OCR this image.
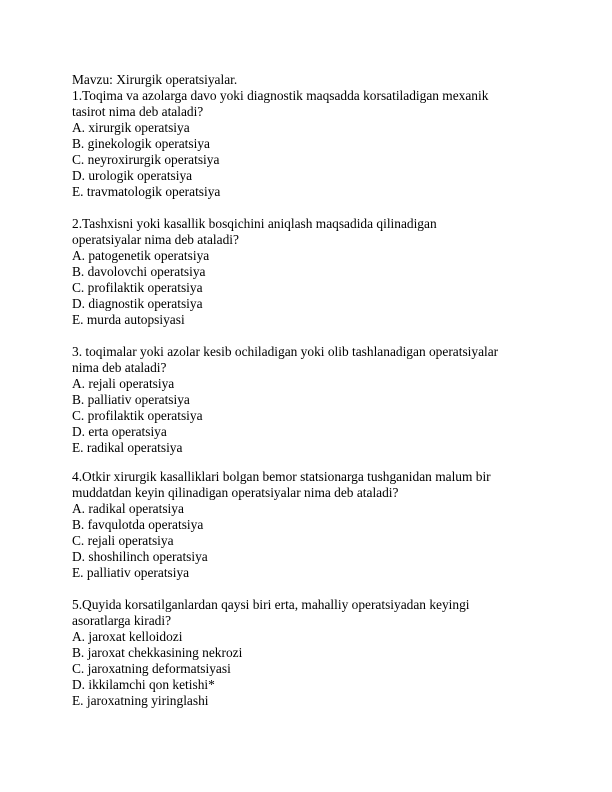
Mavzu: Xirurgik operatsiyalar.

1.Toqima va azolarga davo yoki diagnostik maqsadda korsatiladigan mexanik

tasirot nima deb ataladi?

A. xirurgik operatsiya

B. ginekologik operatsiya

C. neyroxirurgik operatsiya

D. urologik operatsiya

E. travmatologik operatsiya

2.Tashxisni yoki kasallik bosqichini aniqlash maqsadida qilinadigan

operatsiyalar nima deb ataladi?

A. patogenetik operatsiya

B. davolovchi operatsiya

C. profilaktik operatsiya

D. diagnostik operatsiya

E. murda autopsiyasi

3. toqimalar yoki azolar kesib ochiladigan yoki olib tashlanadigan operatsiyalar

nima deb ataladi?

A. rejali operatsiya

B. palliativ operatsiya

C. profilaktik operatsiya

D. erta operatsiya

E. radikal operatsiya

4.Otkir xirurgik kasalliklari bolgan bemor statsionarga tushganidan malum bir

muddatdan keyin qilinadigan operatsiyalar nima deb ataladi?

A. radikal operatsiya

B. favqulotda operatsiya

C. rejali operatsiya

D. shoshilinch operatsiya

E. palliativ operatsiya

5.Quyida korsatilganlardan qaysi biri erta, mahalliy operatsiyadan keyingi

asoratlarga kiradi?

A. jaroxat kelloidozi

B. jaroxat chekkasining nekrozi

C. jaroxatning deformatsiyasi

D. ikkilamchi qon ketishi*

E. jaroxatning yiringlashi
